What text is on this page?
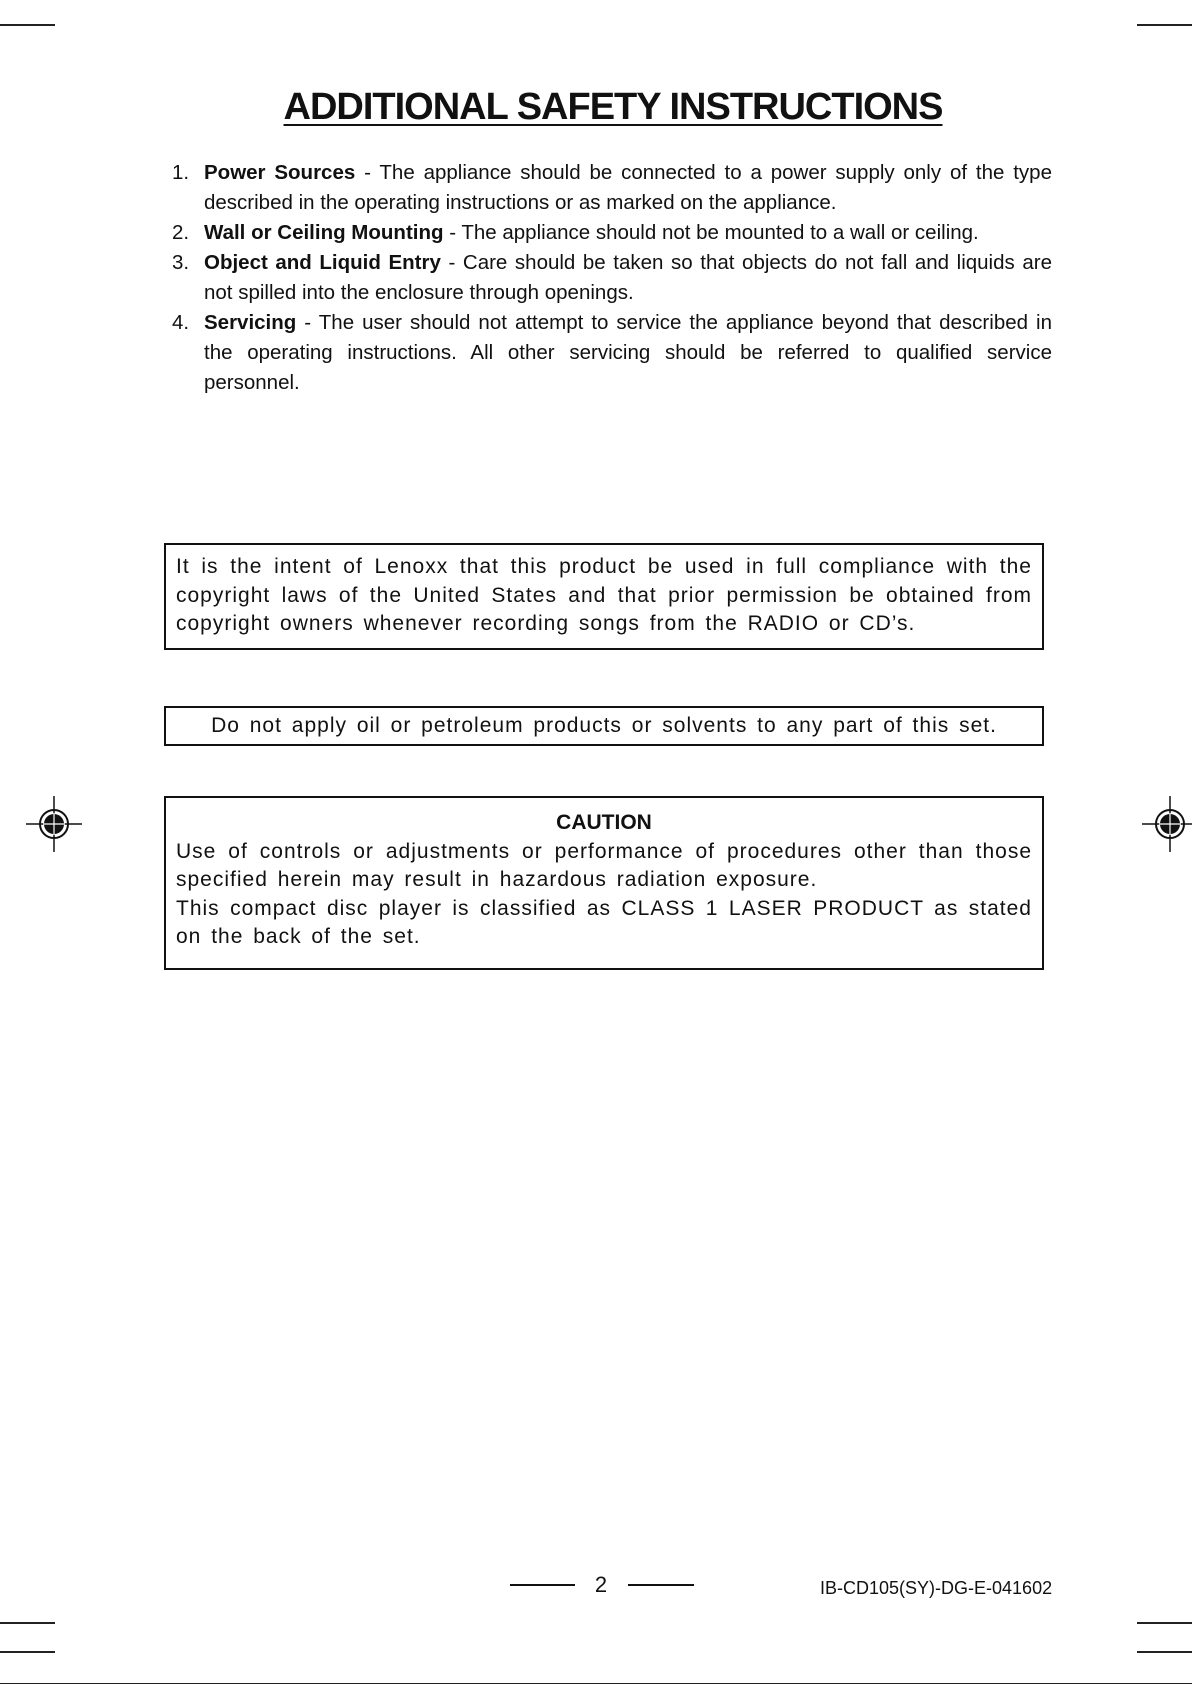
ADDITIONAL SAFETY INSTRUCTIONS
1. Power Sources - The appliance should be connected to a power supply only of the type described in the operating instructions or as marked on the appliance.
2. Wall or Ceiling Mounting - The appliance should not be mounted to a wall or ceiling.
3. Object and Liquid Entry - Care should be taken so that objects do not fall and liquids are not spilled into the enclosure through openings.
4. Servicing - The user should not attempt to service the appliance beyond that described in the operating instructions. All other servicing should be referred to qualified service personnel.
It is the intent of Lenoxx that this product be used in full compliance with the copyright laws of the United States and that prior permission be obtained from copyright owners whenever recording songs from the RADIO or CD’s.
Do not apply oil or petroleum products or solvents to any part of this set.
CAUTION
Use of controls or adjustments or performance of procedures other than those specified herein may result in hazardous radiation exposure.
This compact disc player is classified as CLASS 1 LASER PRODUCT as stated on the back of the set.
2	IB-CD105(SY)-DG-E-041602
